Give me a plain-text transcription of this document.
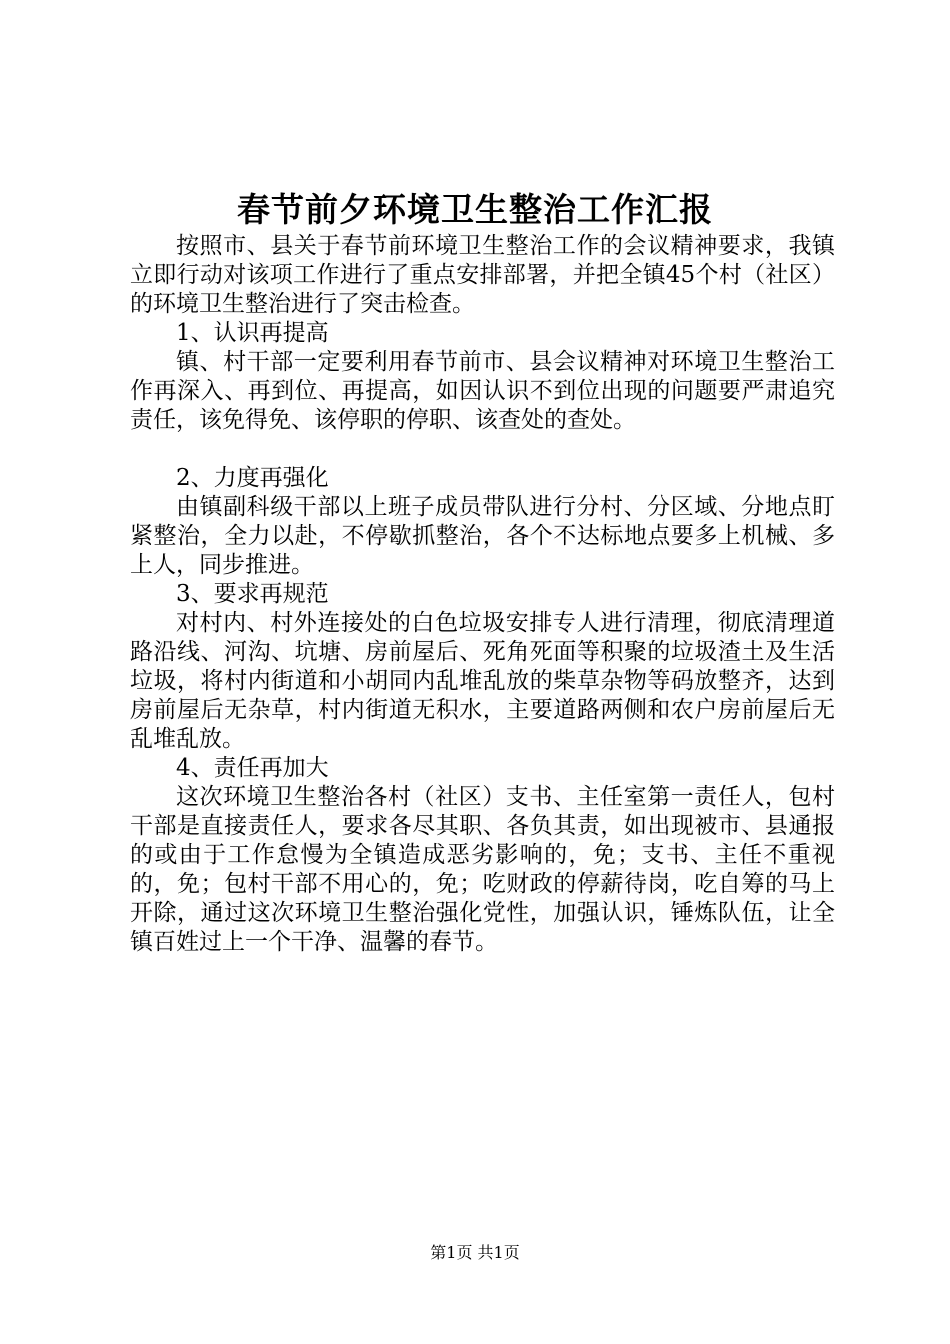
春节前夕环境卫生整治工作汇报

按照市、县关于春节前环境卫生整治工作的会议精神要求，我镇立即行动对该项工作进行了重点安排部署，并把全镇45个村（社区）的环境卫生整治进行了突击检查。

1、认识再提高

镇、村干部一定要利用春节前市、县会议精神对环境卫生整治工作再深入、再到位、再提高，如因认识不到位出现的问题要严肃追究责任，该免得免、该停职的停职、该查处的查处。

2、力度再强化

由镇副科级干部以上班子成员带队进行分村、分区域、分地点盯紧整治，全力以赴，不停歇抓整治，各个不达标地点要多上机械、多上人，同步推进。

3、要求再规范

对村内、村外连接处的白色垃圾安排专人进行清理，彻底清理道路沿线、河沟、坑塘、房前屋后、死角死面等积聚的垃圾渣土及生活垃圾，将村内街道和小胡同内乱堆乱放的柴草杂物等码放整齐，达到房前屋后无杂草，村内街道无积水，主要道路两侧和农户房前屋后无乱堆乱放。

4、责任再加大

这次环境卫生整治各村（社区）支书、主任室第一责任人，包村干部是直接责任人，要求各尽其职、各负其责，如出现被市、县通报的或由于工作怠慢为全镇造成恶劣影响的，免；支书、主任不重视的，免；包村干部不用心的，免；吃财政的停薪待岗，吃自筹的马上开除，通过这次环境卫生整治强化党性，加强认识，锤炼队伍，让全镇百姓过上一个干净、温馨的春节。

第1页 共1页
